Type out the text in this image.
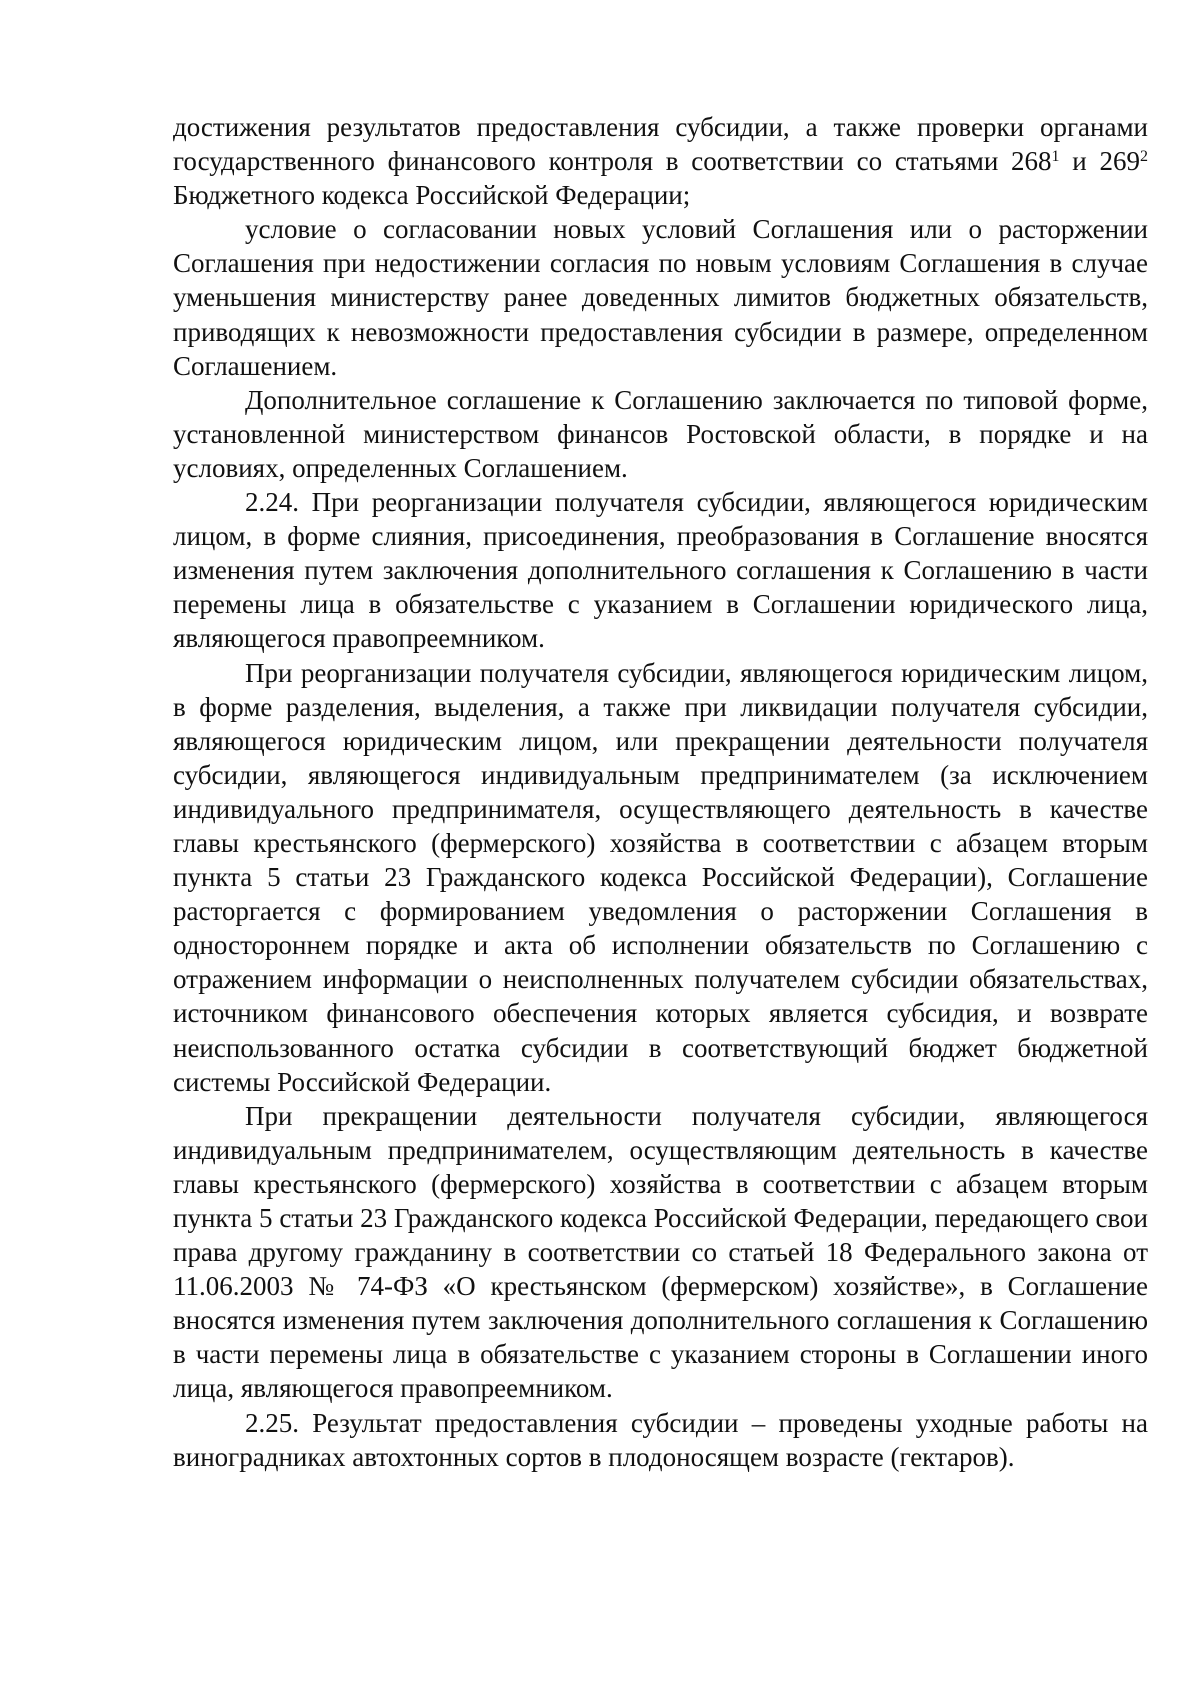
достижения результатов предоставления субсидии, а также проверки органами государственного финансового контроля в соответствии со статьями $268^1$ и $269^2$ Бюджетного кодекса Российской Федерации;

условие о согласовании новых условий Соглашения или о расторжении Соглашения при недостижении согласия по новым условиям Соглашения в случае уменьшения министерству ранее доведенных лимитов бюджетных обязательств, приводящих к невозможности предоставления субсидии в размере, определенном Соглашением.

Дополнительное соглашение к Соглашению заключается по типовой форме, установленной министерством финансов Ростовской области, в порядке и на условиях, определенных Соглашением.

2.24. При реорганизации получателя субсидии, являющегося юридическим лицом, в форме слияния, присоединения, преобразования в Соглашение вносятся изменения путем заключения дополнительного соглашения к Соглашению в части перемены лица в обязательстве с указанием в Соглашении юридического лица, являющегося правопреемником.

При реорганизации получателя субсидии, являющегося юридическим лицом, в форме разделения, выделения, а также при ликвидации получателя субсидии, являющегося юридическим лицом, или прекращении деятельности получателя субсидии, являющегося индивидуальным предпринимателем (за исключением индивидуального предпринимателя, осуществляющего деятельность в качестве главы крестьянского (фермерского) хозяйства в соответствии с абзацем вторым пункта 5 статьи 23 Гражданского кодекса Российской Федерации), Соглашение расторгается с формированием уведомления о расторжении Соглашения в одностороннем порядке и акта об исполнении обязательств по Соглашению с отражением информации о неисполненных получателем субсидии обязательствах, источником финансового обеспечения которых является субсидия, и возврате неиспользованного остатка субсидии в соответствующий бюджет бюджетной системы Российской Федерации.

При прекращении деятельности получателя субсидии, являющегося индивидуальным предпринимателем, осуществляющим деятельность в качестве главы крестьянского (фермерского) хозяйства в соответствии с абзацем вторым пункта 5 статьи 23 Гражданского кодекса Российской Федерации, передающего свои права другому гражданину в соответствии со статьей 18 Федерального закона от 11.06.2003 № 74-ФЗ «О крестьянском (фермерском) хозяйстве», в Соглашение вносятся изменения путем заключения дополнительного соглашения к Соглашению в части перемены лица в обязательстве с указанием стороны в Соглашении иного лица, являющегося правопреемником.

2.25. Результат предоставления субсидии – проведены уходные работы на виноградниках автохтонных сортов в плодоносящем возрасте (гектаров).
